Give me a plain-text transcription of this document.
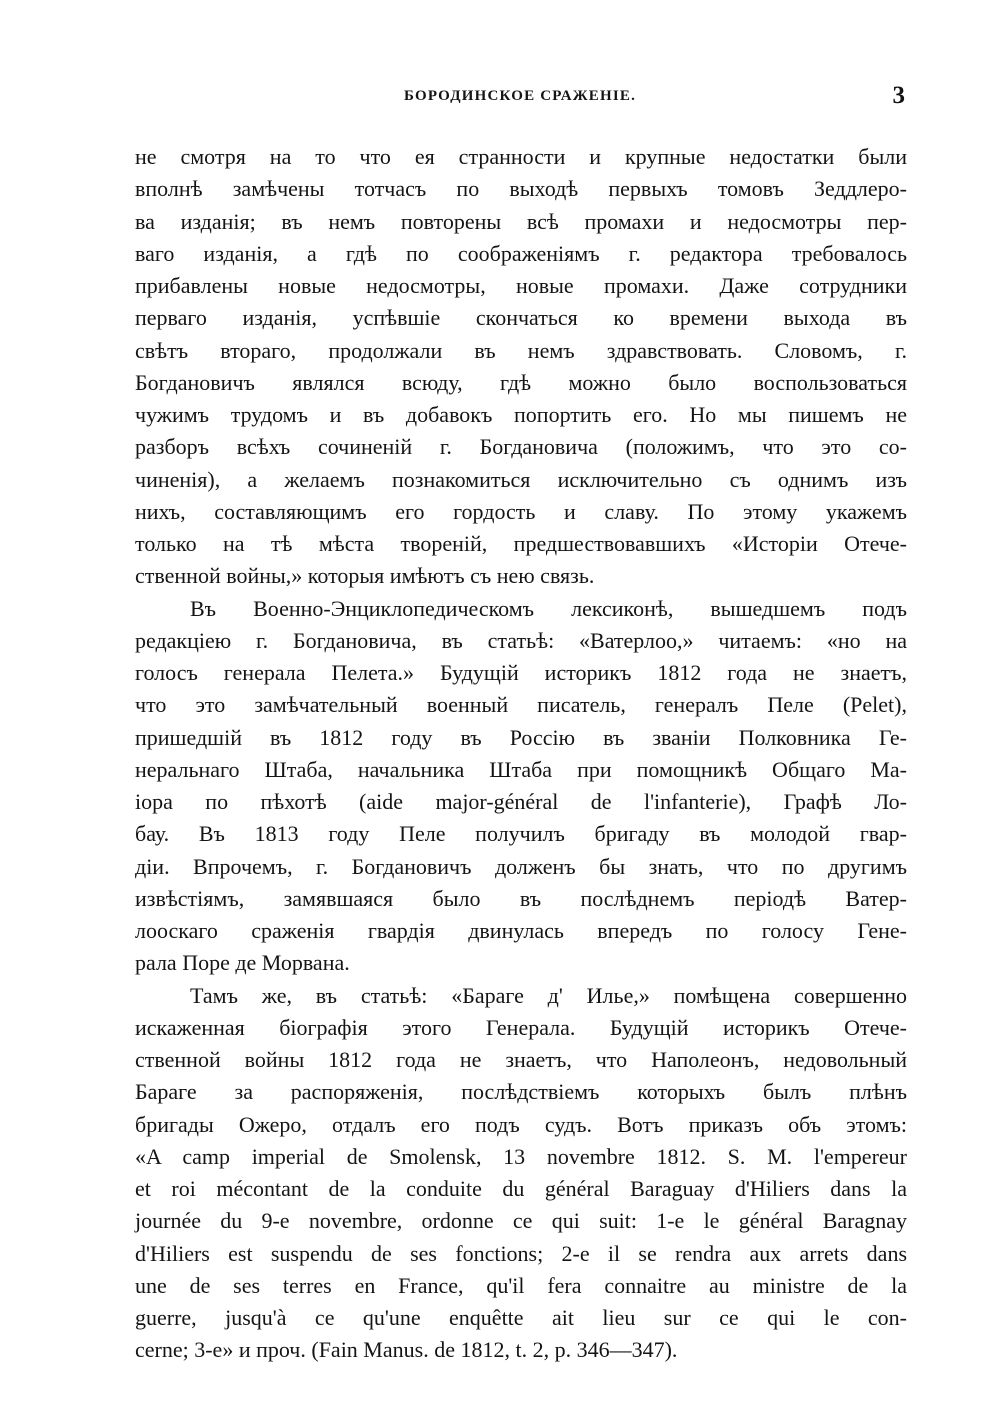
БОРОДИНСКОЕ СРАЖЕНІЕ.	3
не смотря на то что ея странности и крупные недостатки были
вполнѣ замѣчены тотчасъ по выходѣ первыхъ томовъ Зеддлеро-
ва изданія; въ немъ повторены всѣ промахи и недосмотры пер-
ваго изданія, а гдѣ по соображеніямъ г. редактора требовалось
прибавлены новые недосмотры, новые промахи. Даже сотрудники
перваго изданія, успѣвшіе скончаться ко времени выхода въ
свѣтъ втораго, продолжали въ немъ здравствовать. Словомъ, г.
Богдановичъ являлся всюду, гдѣ можно было воспользоваться
чужимъ трудомъ и въ добавокъ попортить его. Но мы пишемъ не
разборъ всѣхъ сочиненій г. Богдановича (положимъ, что это со-
чиненія), а желаемъ познакомиться исключительно съ однимъ изъ
нихъ, составляющимъ его гордость и славу. По этому укажемъ
только на тѣ мѣста твореній, предшествовавшихъ «Исторіи Отече-
ственной войны,» которыя имѣютъ съ нею связь.
Въ Военно-Энциклопедическомъ лексиконѣ, вышедшемъ подъ
редакціею г. Богдановича, въ статьѣ: «Ватерлоо,» читаемъ: «но на
голосъ генерала Пелета.» Будущій историкъ 1812 года не знаетъ,
что это замѣчательный военный писатель, генералъ Пеле (Pelet),
пришедшій въ 1812 году въ Россію въ званіи Полковника Ге-
неральнаго Штаба, начальника Штаба при помощникѣ Общаго Ма-
іора по пѣхотѣ (aide major-général de l'infanterie), Графѣ Ло-
бау. Въ 1813 году Пеле получилъ бригаду въ молодой гвар-
діи. Впрочемъ, г. Богдановичъ долженъ бы знать, что по другимъ
извѣстіямъ, замявшаяся было въ послѣднемъ періодѣ Ватер-
лооскаго сраженія гвардія двинулась впередъ по голосу Гене-
рала Поре де Морвана.
Тамъ же, въ статьѣ: «Бараге д' Илье,» помѣщена совершенно
искаженная біографія этого Генерала. Будущій историкъ Отече-
ственной войны 1812 года не знаетъ, что Наполеонъ, недовольный
Бараге за распоряженія, послѣдствіемъ которыхъ былъ плѣнъ
бригады Ожеро, отдалъ его подъ судъ. Вотъ приказъ объ этомъ:
«A camp imperial de Smolensk, 13 novembre 1812. S. M. l'empereur
et roi mécontant de la conduite du général Baraguay d'Hiliers dans la
journée du 9-e novembre, ordonne ce qui suit: 1-e le général Baragnay
d'Hiliers est suspendu de ses fonctions; 2-e il se rendra aux arrets dans
une de ses terres en France, qu'il fera connaitre au ministre de la
guerre, jusqu'à ce qu'une enquêtte ait lieu sur ce qui le con-
cerne; 3-e» и проч. (Fain Manus. de 1812, t. 2, p. 346—347).
